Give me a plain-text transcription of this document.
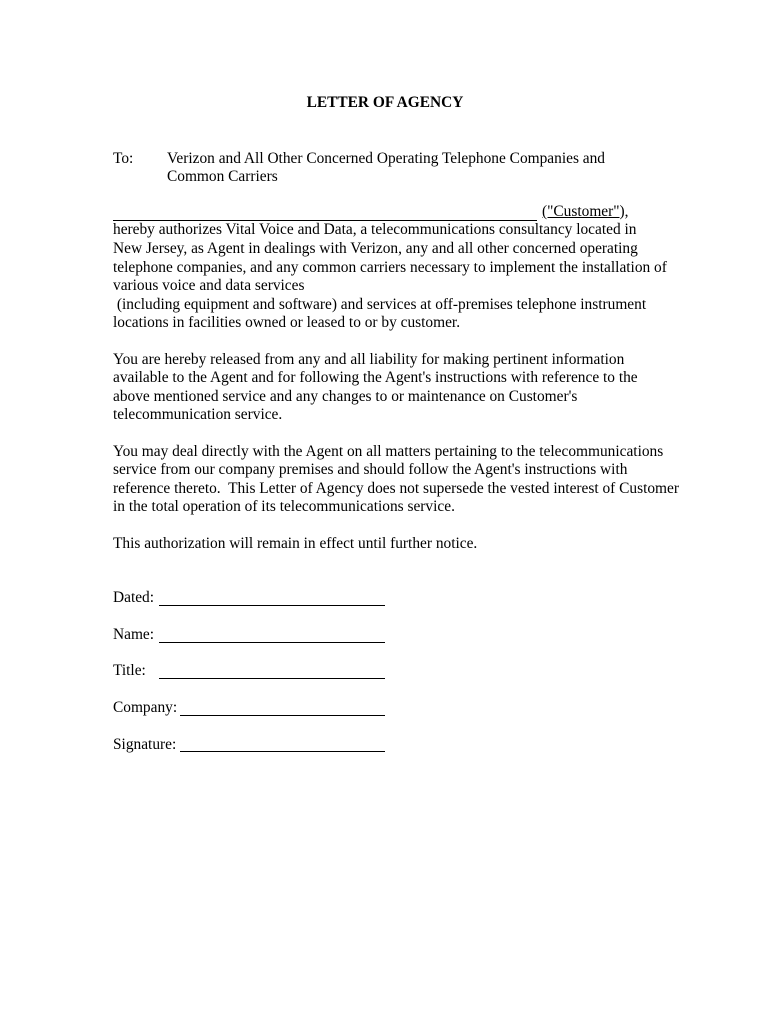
LETTER OF AGENCY
To: Verizon and All Other Concerned Operating Telephone Companies and
Common Carriers
("Customer"),
hereby authorizes Vital Voice and Data, a telecommunications consultancy located in
New Jersey, as Agent in dealings with Verizon, any and all other concerned operating
telephone companies, and any common carriers necessary to implement the installation of
various voice and data services
(including equipment and software) and services at off-premises telephone instrument
locations in facilities owned or leased to or by customer.
You are hereby released from any and all liability for making pertinent information
available to the Agent and for following the Agent's instructions with reference to the
above mentioned service and any changes to or maintenance on Customer's
telecommunication service.
You may deal directly with the Agent on all matters pertaining to the telecommunications
service from our company premises and should follow the Agent's instructions with
reference thereto.  This Letter of Agency does not supersede the vested interest of Customer
in the total operation of its telecommunications service.
This authorization will remain in effect until further notice.
Dated:
Name:
Title:
Company:
Signature:
